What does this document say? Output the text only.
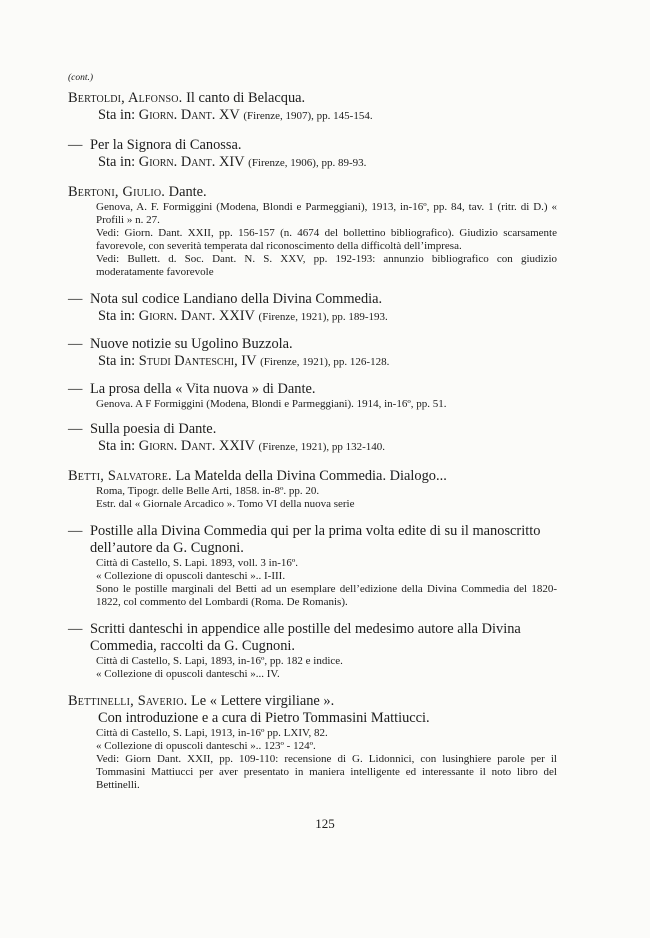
(cont.)
Bertoldi, Alfonso. Il canto di Belacqua.
Sta in: Giorn. Dant. XV (Firenze, 1907), pp. 145-154.
— Per la Signora di Canossa.
Sta in: Giorn. Dant. XIV (Firenze, 1906), pp. 89-93.
Bertoni, Giulio. Dante.
Genova, A. F. Formiggini (Modena, Blondi e Parmeggiani), 1913, in-16º, pp. 84, tav. 1 (ritr. di D.) « Profili » n. 27.
Vedi: Giorn. Dant. XXII, pp. 156-157 (n. 4674 del bollettino bibliografico). Giudizio scarsamente favorevole, con severità temperata dal riconoscimento della difficoltà dell’impresa.
Vedi: Bullett. d. Soc. Dant. N. S. XXV, pp. 192-193: annunzio bibliografico con giudizio moderatamente favorevole
— Nota sul codice Landiano della Divina Commedia.
Sta in: Giorn. Dant. XXIV (Firenze, 1921), pp. 189-193.
— Nuove notizie su Ugolino Buzzola.
Sta in: Studi Danteschi, IV (Firenze, 1921), pp. 126-128.
— La prosa della « Vita nuova » di Dante.
Genova. A F Formiggini (Modena, Blondi e Parmeggiani). 1914, in-16º, pp. 51.
— Sulla poesia di Dante.
Sta in: Giorn. Dant. XXIV (Firenze, 1921), pp 132-140.
Betti, Salvatore. La Matelda della Divina Commedia. Dialogo...
Roma, Tipogr. delle Belle Arti, 1858. in-8º. pp. 20.
Estr. dal « Giornale Arcadico ». Tomo VI della nuova serie
— Postille alla Divina Commedia qui per la prima volta edite di su il manoscritto dell’autore da G. Cugnoni.
Città di Castello, S. Lapi. 1893, voll. 3 in-16º.
« Collezione di opuscoli danteschi ».. I-III.
Sono le postille marginali del Betti ad un esemplare dell’edizione della Divina Commedia del 1820-1822, col commento del Lombardi (Roma. De Romanis).
— Scritti danteschi in appendice alle postille del medesimo autore alla Divina Commedia, raccolti da G. Cugnoni.
Città di Castello, S. Lapi, 1893, in-16º, pp. 182 e indice.
« Collezione di opuscoli danteschi »... IV.
Bettinelli, Saverio. Le « Lettere virgiliane ».
Con introduzione e a cura di Pietro Tommasini Mattiucci.
Città di Castello, S. Lapi, 1913, in-16º pp. LXIV, 82.
« Collezione di opuscoli danteschi ».. 123º - 124º.
Vedi: Giorn Dant. XXII, pp. 109-110: recensione di G. Lidonnici, con lusinghiere parole per il Tommasini Mattiucci per aver presentato in maniera intelligente ed interessante il noto libro del Bettinelli.
125
